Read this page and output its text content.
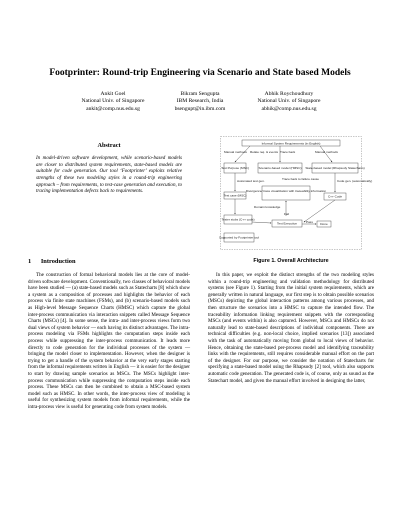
Footprinter: Round-trip Engineering via Scenario and State based Models
Ankit Goel
National Univ. of Singapore
ankit@comp.nus.edu.sg
Bikram Sengupta
IBM Research, India
bsengupt@in.ibm.com
Abhik Roychoudhury
National Univ. of Singapore
abhik@comp.nus.edu.sg
Abstract
In model-driven software development, while scenario-based models are closer to distributed system requirements, state-based models are suitable for code generation. Our tool ‘Footprinter’ exploits relative strengths of these two modeling styles in a round-trip engineering approach – from requirements, to test-case generation and execution, to tracing implementation defects back to requirements.
1 Introduction

The construction of formal behavioral models lies at the core of model-driven software development. Conventionally, two classes of behavioral models have been studied — (a) state-based models such as Statecharts [8] which show a system as a composition of processes and highlights the behavior of each process via finite state machines (FSMs), and (b) scenario-based models such as High-level Message Sequence Charts (HMSC) which capture the global inter-process communication via interaction snippets called Message Sequence Charts (MSCs) [4]. In some sense, the intra- and inter-process views form two dual views of system behavior — each having its distinct advantages. The intra-process modeling via FSMs highlights the computation steps inside each process while suppressing the inter-process communication. It leads more directly to code generation for the individual processes of the system — bringing the model closer to implementation. However, when the designer is trying to get a handle of the system behavior at the very early stages starting from the informal requirements written in English — it is easier for the designer to start by drawing sample scenarios as MSCs. The MSCs highlight inter-process communication while suppressing the computation steps inside each process. These MSCs can then be combined to obtain a MSC-based system model such as HMSC. In other words, the inter-process view of modeling is useful for synthesizing system models from informal requirements, while the intra-process view is useful for generating code from system models.

Informal System Requirements (in English)
Manual methods Relate req. & events Trace back	Manual methods
Test Purpose (MSC)	Scenario-based model (HMSC) State-based model (Rhapsody Statecharts)
Automated test gen.	Trace back to failure cause	Code gen. (automatically)
Test case (MSC)
Divergence/ trace visualization with traceability information
C++ Code
Domain knowledge
Tester stubs (C++ code)
Fail
Test Execution	Pass Done
Supported by Footprinter tool
Figure 1. Overall Architecture

In this paper, we exploit the distinct strengths of the two modeling styles within a round-trip engineering and validation methodology for distributed systems (see Figure 1). Starting from the initial system requirements, which are generally written in natural language, our first step is to obtain possible scenarios (MSCs) depicting the global interaction patterns among various processes, and then structure the scenarios into a HMSC to capture the intended flow. The traceability information linking requirement snippets with the corresponding MSCs (and events within) is also captured. However, MSCs and HMSCs do not naturally lead to state-based descriptions of individual components. There are technical difficulties (e.g. non-local choice, implied scenarios [13]) associated with the task of automatically moving from global to local views of behavior. Hence, obtaining the state-based per-process model and identifying traceability links with the requirements, still requires considerable manual effort on the part of the designer. For our purpose, we consider the notation of Statecharts for specifying a state-based model using the Rhapsody [2] tool, which also supports automatic code generation. The generated code is, of course, only as sound as the Statechart model, and given the manual effort involved in designing the latter,
